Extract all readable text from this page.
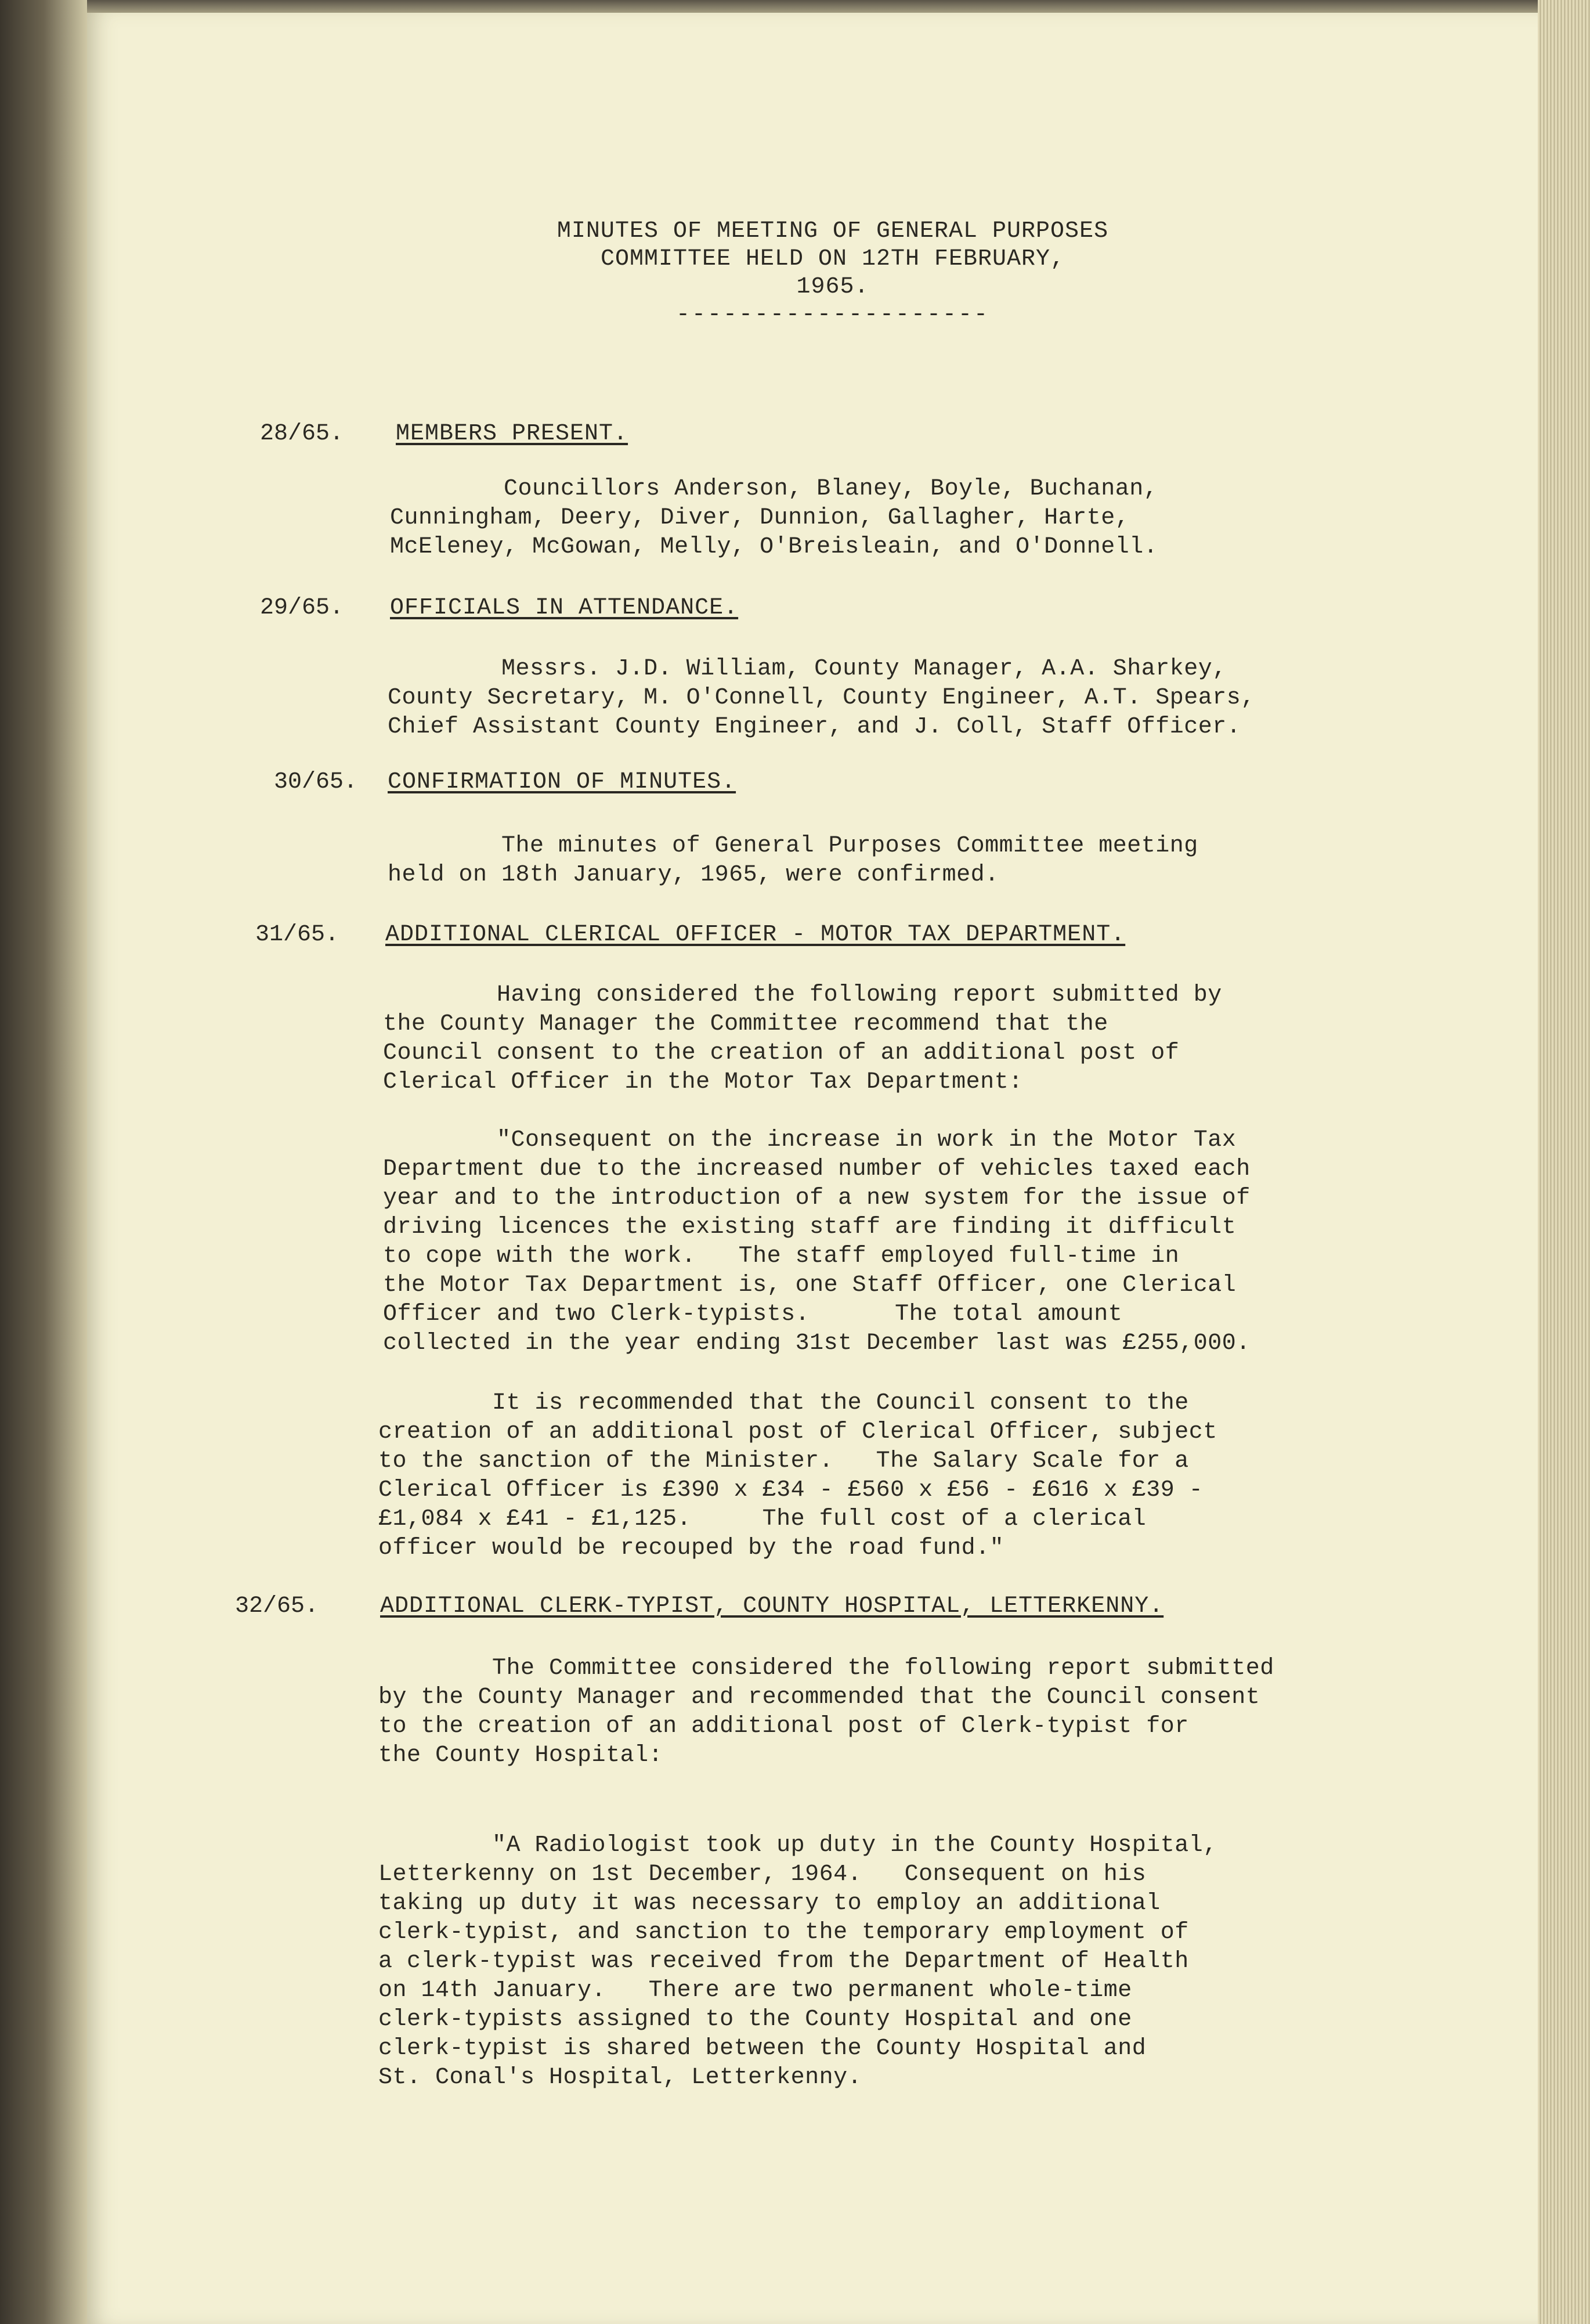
MINUTES OF MEETING OF GENERAL PURPOSES
COMMITTEE HELD ON 12TH FEBRUARY,
1965.
--------------------
28/65. MEMBERS PRESENT.
Councillors Anderson, Blaney, Boyle, Buchanan,
Cunningham, Deery, Diver, Dunnion, Gallagher, Harte,
McEleney, McGowan, Melly, O'Breisleain, and O'Donnell.
29/65. OFFICIALS IN ATTENDANCE.
Messrs. J.D. William, County Manager, A.A. Sharkey,
County Secretary, M. O'Connell, County Engineer, A.T. Spears,
Chief Assistant County Engineer, and J. Coll, Staff Officer.
30/65. CONFIRMATION OF MINUTES.
The minutes of General Purposes Committee meeting
held on 18th January, 1965, were confirmed.
31/65. ADDITIONAL CLERICAL OFFICER - MOTOR TAX DEPARTMENT.
Having considered the following report submitted by
the County Manager the Committee recommend that the
Council consent to the creation of an additional post of
Clerical Officer in the Motor Tax Department:
"Consequent on the increase in work in the Motor Tax
Department due to the increased number of vehicles taxed each
year and to the introduction of a new system for the issue of
driving licences the existing staff are finding it difficult
to cope with the work.   The staff employed full-time in
the Motor Tax Department is, one Staff Officer, one Clerical
Officer and two Clerk-typists.      The total amount
collected in the year ending 31st December last was £255,000.
It is recommended that the Council consent to the
creation of an additional post of Clerical Officer, subject
to the sanction of the Minister.   The Salary Scale for a
Clerical Officer is £390 x £34 - £560 x £56 - £616 x £39 -
£1,084 x £41 - £1,125.     The full cost of a clerical
officer would be recouped by the road fund."
32/65.	ADDITIONAL CLERK-TYPIST, COUNTY HOSPITAL, LETTERKENNY.
The Committee considered the following report submitted
by the County Manager and recommended that the Council consent
to the creation of an additional post of Clerk-typist for
the County Hospital:
"A Radiologist took up duty in the County Hospital,
Letterkenny on 1st December, 1964.   Consequent on his
taking up duty it was necessary to employ an additional
clerk-typist, and sanction to the temporary employment of
a clerk-typist was received from the Department of Health
on 14th January.   There are two permanent whole-time
clerk-typists assigned to the County Hospital and one
clerk-typist is shared between the County Hospital and
St. Conal's Hospital, Letterkenny.
